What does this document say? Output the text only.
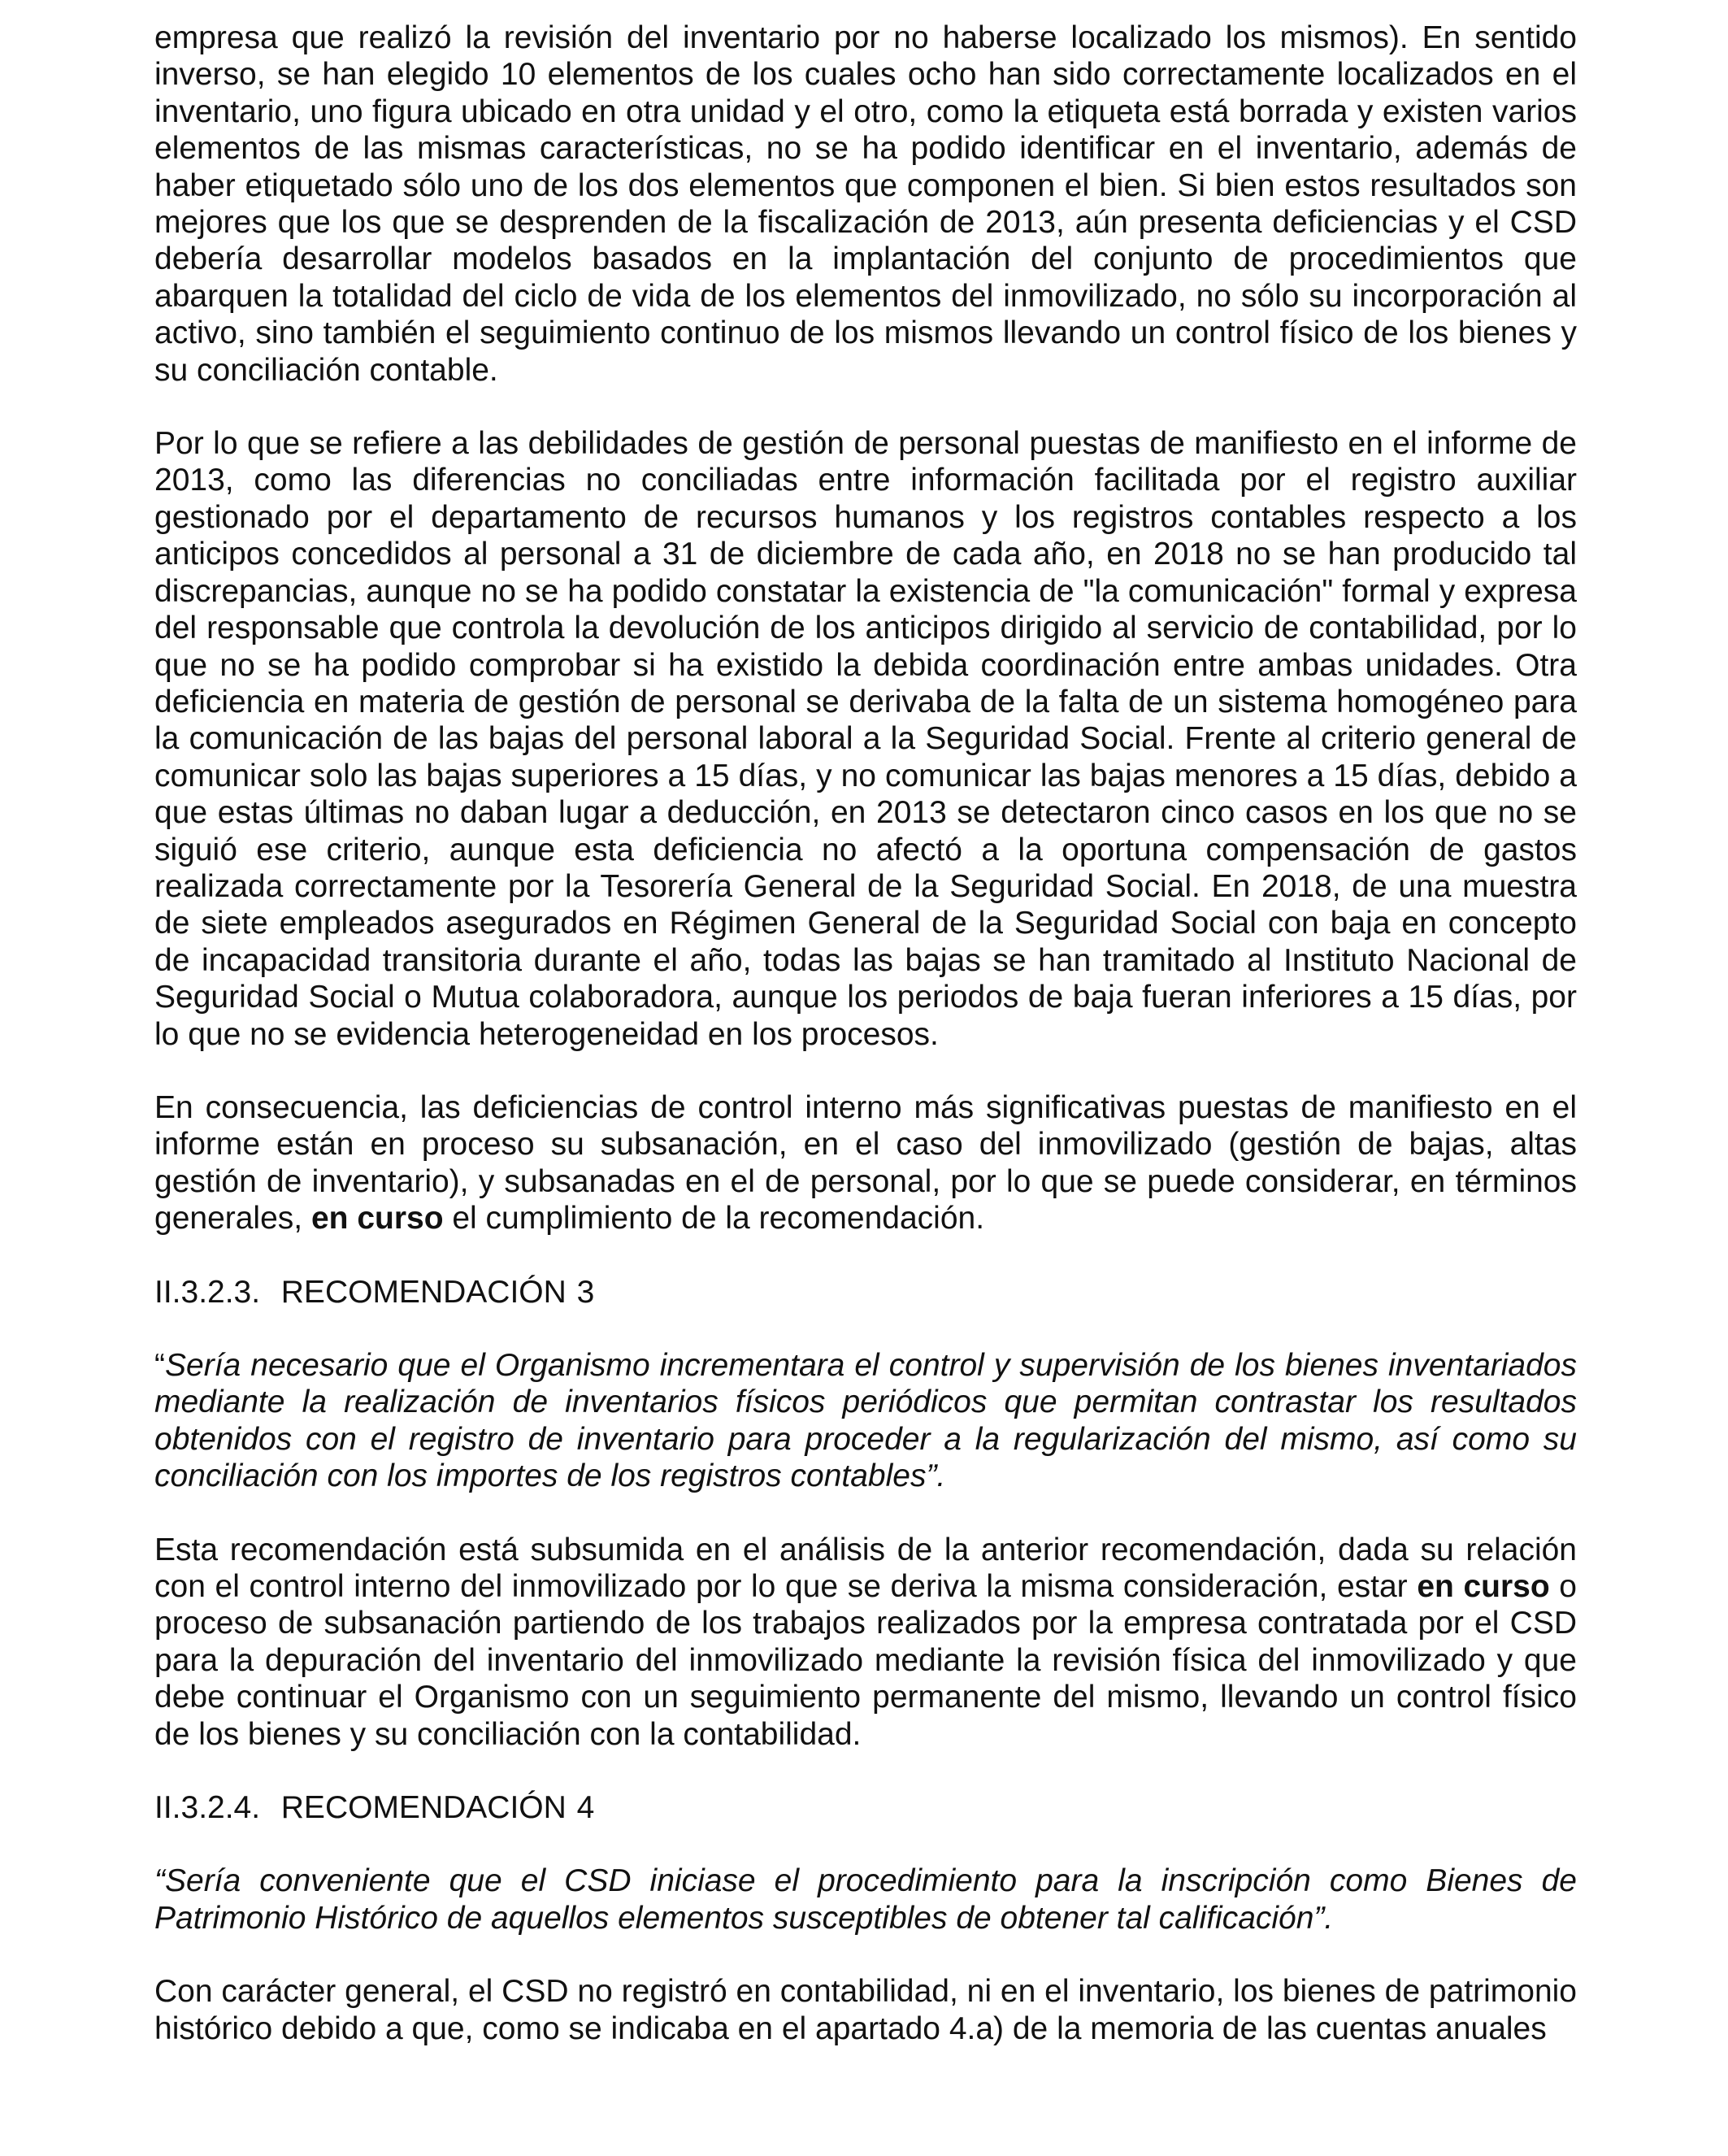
empresa que realizó la revisión del inventario por no haberse localizado los mismos). En sentido inverso, se han elegido 10 elementos de los cuales ocho han sido correctamente localizados en el inventario, uno figura ubicado en otra unidad y el otro, como la etiqueta está borrada y existen varios elementos de las mismas características, no se ha podido identificar en el inventario, además de haber etiquetado sólo uno de los dos elementos que componen el bien. Si bien estos resultados son mejores que los que se desprenden de la fiscalización de 2013, aún presenta deficiencias y el CSD debería desarrollar modelos basados en la implantación del conjunto de procedimientos que abarquen la totalidad del ciclo de vida de los elementos del inmovilizado, no sólo su incorporación al activo, sino también el seguimiento continuo de los mismos llevando un control físico de los bienes y su conciliación contable.

Por lo que se refiere a las debilidades de gestión de personal puestas de manifiesto en el informe de 2013, como las diferencias no conciliadas entre información facilitada por el registro auxiliar gestionado por el departamento de recursos humanos y los registros contables respecto a los anticipos concedidos al personal a 31 de diciembre de cada año, en 2018 no se han producido tal discrepancias, aunque no se ha podido constatar la existencia de "la comunicación" formal y expresa del responsable que controla la devolución de los anticipos dirigido al servicio de contabilidad, por lo que no se ha podido comprobar si ha existido la debida coordinación entre ambas unidades. Otra deficiencia en materia de gestión de personal se derivaba de la falta de un sistema homogéneo para la comunicación de las bajas del personal laboral a la Seguridad Social. Frente al criterio general de comunicar solo las bajas superiores a 15 días, y no comunicar las bajas menores a 15 días, debido a que estas últimas no daban lugar a deducción, en 2013 se detectaron cinco casos en los que no se siguió ese criterio, aunque esta deficiencia no afectó a la oportuna compensación de gastos realizada correctamente por la Tesorería General de la Seguridad Social. En 2018, de una muestra de siete empleados asegurados en Régimen General de la Seguridad Social con baja en concepto de incapacidad transitoria durante el año, todas las bajas se han tramitado al Instituto Nacional de Seguridad Social o Mutua colaboradora, aunque los periodos de baja fueran inferiores a 15 días, por lo que no se evidencia heterogeneidad en los procesos.

En consecuencia, las deficiencias de control interno más significativas puestas de manifiesto en el informe están en proceso su subsanación, en el caso del inmovilizado (gestión de bajas, altas gestión de inventario), y subsanadas en el de personal, por lo que se puede considerar, en términos generales, en curso el cumplimiento de la recomendación.

II.3.2.3. RECOMENDACIÓN 3

“Sería necesario que el Organismo incrementara el control y supervisión de los bienes inventariados mediante la realización de inventarios físicos periódicos que permitan contrastar los resultados obtenidos con el registro de inventario para proceder a la regularización del mismo, así como su conciliación con los importes de los registros contables”.

Esta recomendación está subsumida en el análisis de la anterior recomendación, dada su relación con el control interno del inmovilizado por lo que se deriva la misma consideración, estar en curso o proceso de subsanación partiendo de los trabajos realizados por la empresa contratada por el CSD para la depuración del inventario del inmovilizado mediante la revisión física del inmovilizado y que debe continuar el Organismo con un seguimiento permanente del mismo, llevando un control físico de los bienes y su conciliación con la contabilidad.

II.3.2.4. RECOMENDACIÓN 4

“Sería conveniente que el CSD iniciase el procedimiento para la inscripción como Bienes de Patrimonio Histórico de aquellos elementos susceptibles de obtener tal calificación”.

Con carácter general, el CSD no registró en contabilidad, ni en el inventario, los bienes de patrimonio histórico debido a que, como se indicaba en el apartado 4.a) de la memoria de las cuentas anuales
